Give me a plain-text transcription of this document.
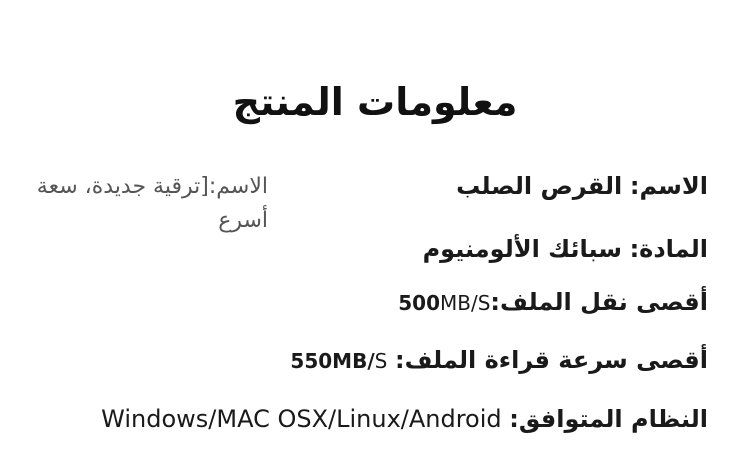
معلومات المنتج
الاسم:[ترقية جديدة، سعة أسرع
الاسم: القرص الصلب
المادة: سبائك الألومنيوم
أقصى نقل الملف:500MB/S
أقصى سرعة قراءة الملف: 550MB/S
النظام المتوافق: Windows/MAC OSX/Linux/Android
